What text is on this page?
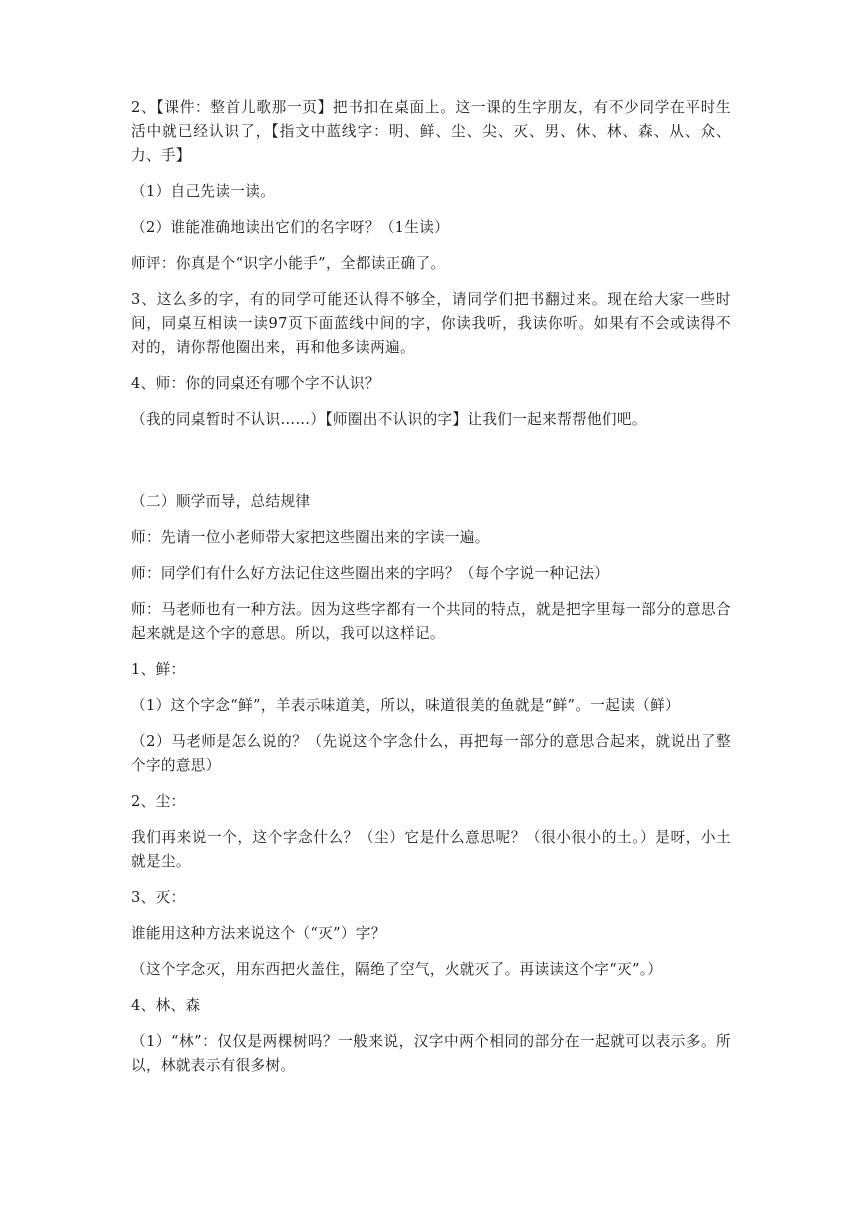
2、【课件：整首儿歌那一页】把书扣在桌面上。这一课的生字朋友，有不少同学在平时生活中就已经认识了，【指文中蓝线字：明、鲜、尘、尖、灭、男、休、林、森、从、众、力、手】

（1）自己先读一读。

（2）谁能准确地读出它们的名字呀？（1生读）

师评：你真是个“识字小能手”，全都读正确了。

3、这么多的字，有的同学可能还认得不够全，请同学们把书翻过来。现在给大家一些时间，同桌互相读一读97页下面蓝线中间的字，你读我听，我读你听。如果有不会或读得不对的，请你帮他圈出来，再和他多读两遍。

4、师：你的同桌还有哪个字不认识？

（我的同桌暂时不认识……）【师圈出不认识的字】让我们一起来帮帮他们吧。

（二）顺学而导，总结规律

师：先请一位小老师带大家把这些圈出来的字读一遍。

师：同学们有什么好方法记住这些圈出来的字吗？（每个字说一种记法）

师：马老师也有一种方法。因为这些字都有一个共同的特点，就是把字里每一部分的意思合起来就是这个字的意思。所以，我可以这样记。

1、鲜：

（1）这个字念“鲜”，羊表示味道美，所以，味道很美的鱼就是“鲜”。一起读（鲜）

（2）马老师是怎么说的？（先说这个字念什么，再把每一部分的意思合起来，就说出了整个字的意思）

2、尘：

我们再来说一个，这个字念什么？（尘）它是什么意思呢？（很小很小的土。）是呀，小土就是尘。

3、灭：

谁能用这种方法来说这个（“灭”）字？

（这个字念灭，用东西把火盖住，隔绝了空气，火就灭了。再读读这个字“灭”。）

4、林、森

（1）“林”：仅仅是两棵树吗？一般来说，汉字中两个相同的部分在一起就可以表示多。所以，林就表示有很多树。
